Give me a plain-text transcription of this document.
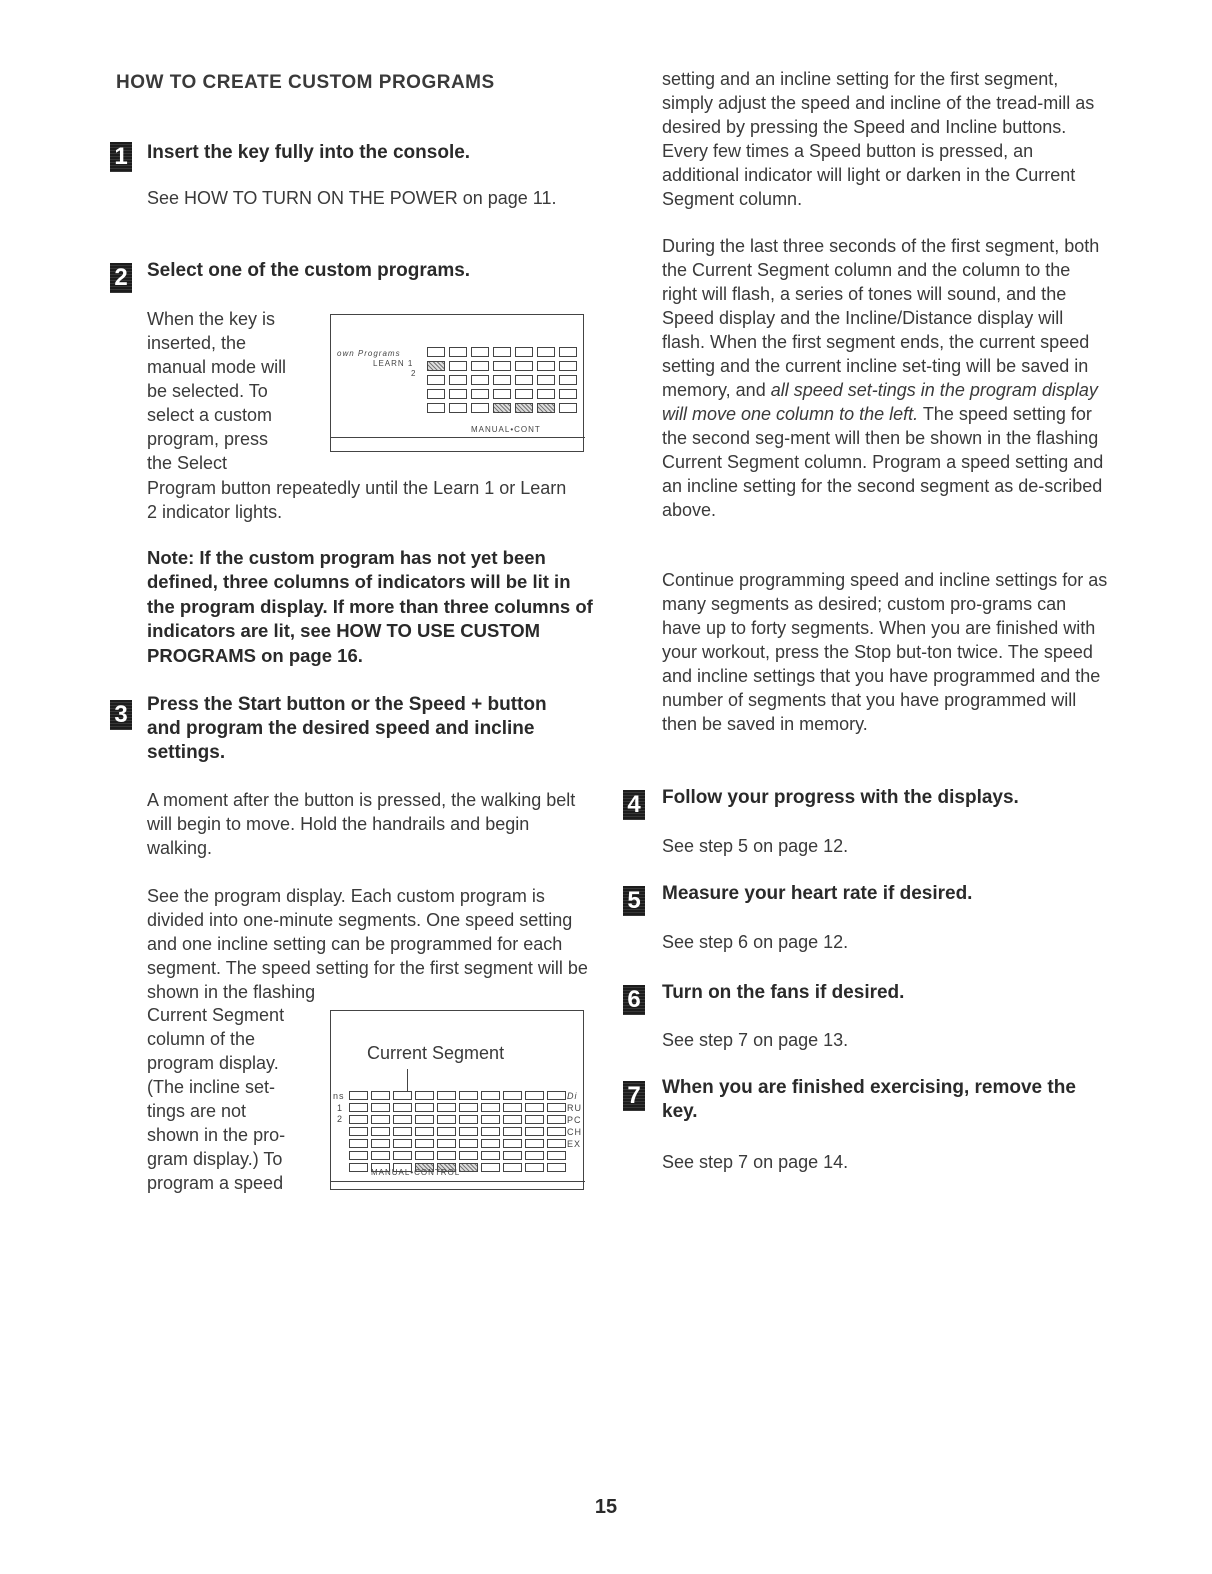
HOW TO CREATE CUSTOM PROGRAMS
1 Insert the key fully into the console.
See HOW TO TURN ON THE POWER on page 11.
2 Select one of the custom programs.
When the key is
inserted, the
manual mode will
be selected. To
select a custom
program, press
the Select
Program button repeatedly until the Learn 1 or Learn 2 indicator lights.
own Programs
LEARN 1
2
MANUAL•CONT
Note: If the custom program has not yet been defined, three columns of indicators will be lit in the program display. If more than three columns of indicators are lit, see HOW TO USE CUSTOM PROGRAMS on page 16.
3 Press the Start button or the Speed + button and program the desired speed and incline settings.
A moment after the button is pressed, the walking belt will begin to move. Hold the handrails and begin walking.
See the program display. Each custom program is divided into one-minute segments. One speed setting and one incline setting can be programmed for each segment. The speed setting for the first segment will be shown in the flashing
Current Segment
column of the
program display.
(The incline set-
tings are not
shown in the pro-
gram display.) To
program a speed
Current Segment
ns
1
2
Di
RU
PC
CH
EX
MANUAL•CONTROL
setting and an incline setting for the first segment, simply adjust the speed and incline of the tread-mill as desired by pressing the Speed and Incline buttons. Every few times a Speed button is pressed, an additional indicator will light or darken in the Current Segment column.
During the last three seconds of the first segment, both the Current Segment column and the column to the right will flash, a series of tones will sound, and the Speed display and the Incline/Distance display will flash. When the first segment ends, the current speed setting and the current incline set-ting will be saved in memory, and all speed set-tings in the program display will move one column to the left. The speed setting for the second seg-ment will then be shown in the flashing Current Segment column. Program a speed setting and an incline setting for the second segment as de-scribed above.
Continue programming speed and incline settings for as many segments as desired; custom pro-grams can have up to forty segments. When you are finished with your workout, press the Stop but-ton twice. The speed and incline settings that you have programmed and the number of segments that you have programmed will then be saved in memory.
4 Follow your progress with the displays.
See step 5 on page 12.
5 Measure your heart rate if desired.
See step 6 on page 12.
6 Turn on the fans if desired.
See step 7 on page 13.
7 When you are finished exercising, remove the key.
See step 7 on page 14.
15
